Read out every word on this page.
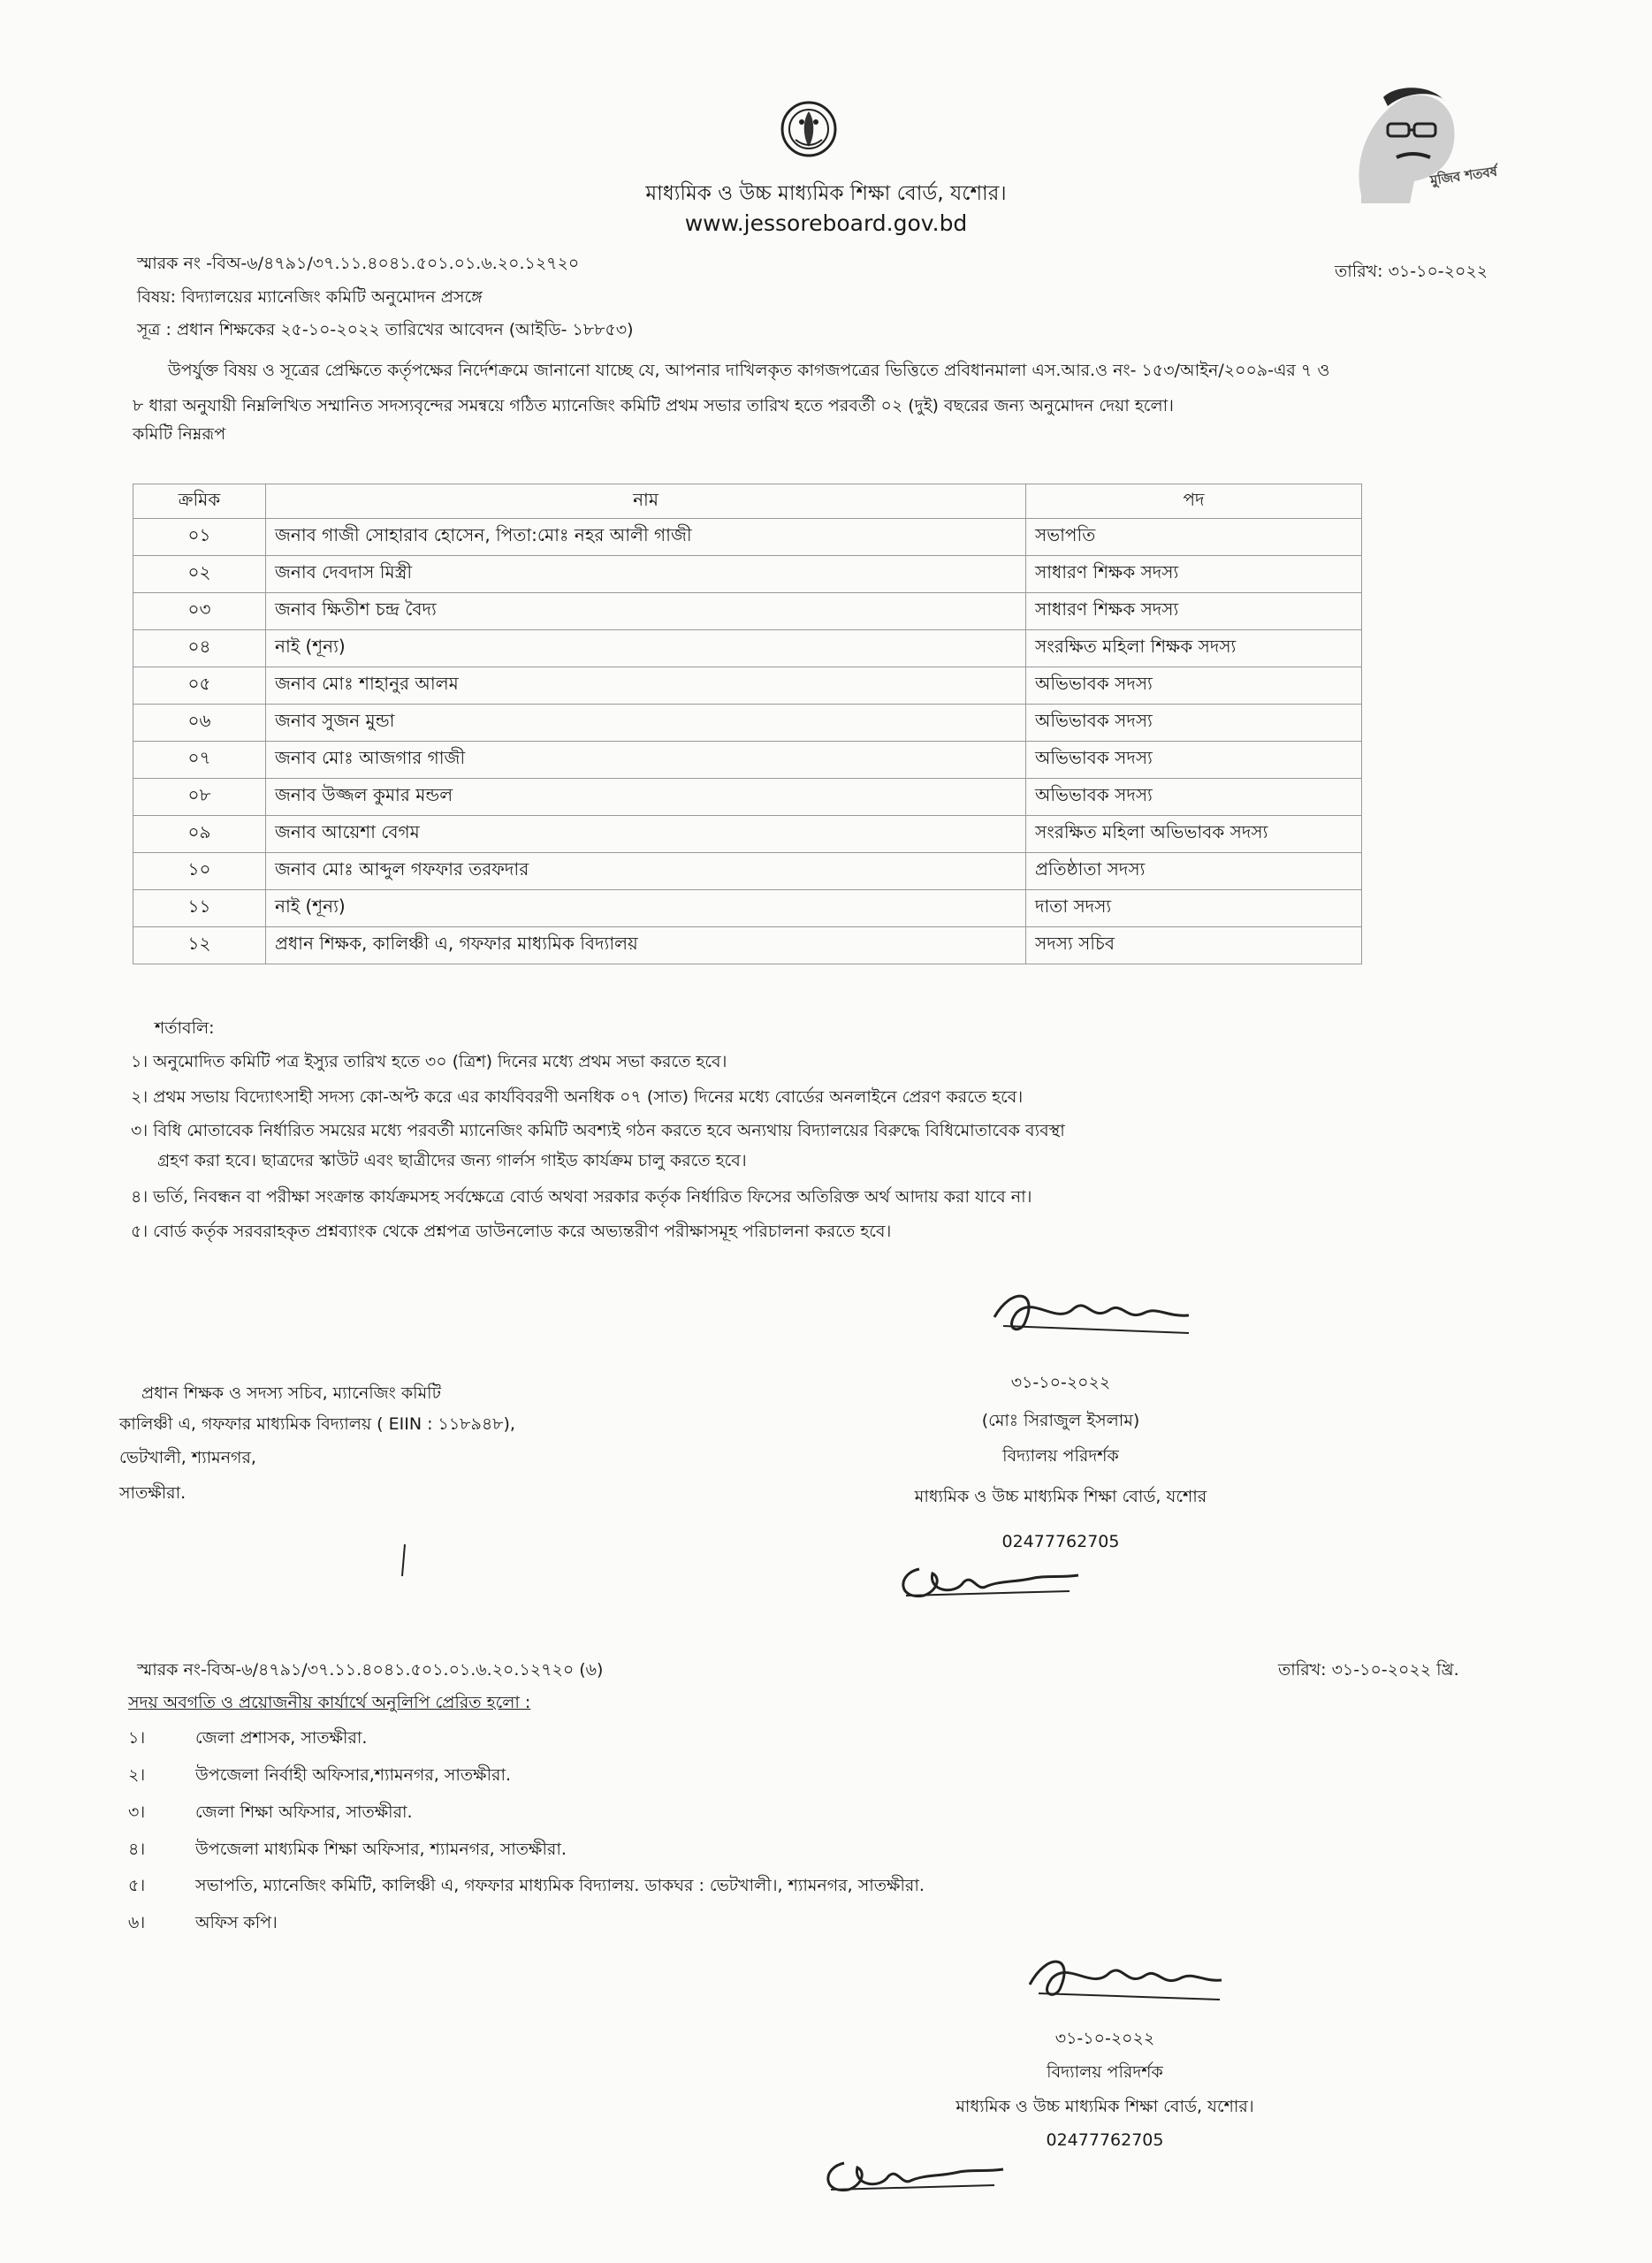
মুজিব শতবর্ষ
মাধ্যমিক ও উচ্চ মাধ্যমিক শিক্ষা বোর্ড, যশোর।
www.jessoreboard.gov.bd
স্মারক নং -বিঅ-৬/৪৭৯১/৩৭.১১.৪০৪১.৫০১.০১.৬.২০.১২৭২০	তারিখ: ৩১-১০-২০২২
বিষয়: বিদ্যালয়ের ম্যানেজিং কমিটি অনুমোদন প্রসঙ্গে
সূত্র : প্রধান শিক্ষকের ২৫-১০-২০২২ তারিখের আবেদন (আইডি- ১৮৮৫৩)
উপর্যুক্ত বিষয় ও সূত্রের প্রেক্ষিতে কর্তৃপক্ষের নির্দেশক্রমে জানানো যাচ্ছে যে, আপনার দাখিলকৃত কাগজপত্রের ভিত্তিতে প্রবিধানমালা এস.আর.ও নং- ১৫৩/আইন/২০০৯-এর ৭ ও
৮ ধারা অনুযায়ী নিম্নলিখিত সম্মানিত সদস্যবৃন্দের সমন্বয়ে গঠিত ম্যানেজিং কমিটি প্রথম সভার তারিখ হতে পরবর্তী ০২ (দুই) বছরের জন্য অনুমোদন দেয়া হলো।
কমিটি নিম্নরূপ
ক্রমিক	নাম	পদ
০১	জনাব গাজী সোহারাব হোসেন, পিতা:মোঃ নহর আলী গাজী	সভাপতি
০২	জনাব দেবদাস মিস্ত্রী	সাধারণ শিক্ষক সদস্য
০৩	জনাব ক্ষিতীশ চন্দ্র বৈদ্য	সাধারণ শিক্ষক সদস্য
০৪	নাই (শূন্য)	সংরক্ষিত মহিলা শিক্ষক সদস্য
০৫	জনাব মোঃ শাহানুর আলম	অভিভাবক সদস্য
০৬	জনাব সুজন মুন্ডা	অভিভাবক সদস্য
০৭	জনাব মোঃ আজগার গাজী	অভিভাবক সদস্য
০৮	জনাব উজ্জল কুমার মন্ডল	অভিভাবক সদস্য
০৯	জনাব আয়েশা বেগম	সংরক্ষিত মহিলা অভিভাবক সদস্য
১০	জনাব মোঃ আব্দুল গফফার তরফদার	প্রতিষ্ঠাতা সদস্য
১১	নাই (শূন্য)	দাতা সদস্য
১২	প্রধান শিক্ষক, কালিঞ্চী এ, গফফার মাধ্যমিক বিদ্যালয়	সদস্য সচিব
শর্তাবলি:
১। অনুমোদিত কমিটি পত্র ইস্যুর তারিখ হতে ৩০ (ত্রিশ) দিনের মধ্যে প্রথম সভা করতে হবে।
২। প্রথম সভায় বিদ্যোৎসাহী সদস্য কো-অপ্ট করে এর কার্যবিবরণী অনধিক ০৭ (সাত) দিনের মধ্যে বোর্ডের অনলাইনে প্রেরণ করতে হবে।
৩। বিধি মোতাবেক নির্ধারিত সময়ের মধ্যে পরবর্তী ম্যানেজিং কমিটি অবশ্যই গঠন করতে হবে অন্যথায় বিদ্যালয়ের বিরুদ্ধে বিধিমোতাবেক ব্যবস্থা
গ্রহণ করা হবে। ছাত্রদের স্কাউট এবং ছাত্রীদের জন্য গার্লস গাইড কার্যক্রম চালু করতে হবে।
৪। ভর্তি, নিবন্ধন বা পরীক্ষা সংক্রান্ত কার্যক্রমসহ সর্বক্ষেত্রে বোর্ড অথবা সরকার কর্তৃক নির্ধারিত ফিসের অতিরিক্ত অর্থ আদায় করা যাবে না।
৫। বোর্ড কর্তৃক সরবরাহকৃত প্রশ্নব্যাংক থেকে প্রশ্নপত্র ডাউনলোড করে অভ্যন্তরীণ পরীক্ষাসমূহ পরিচালনা করতে হবে।
প্রধান শিক্ষক ও সদস্য সচিব, ম্যানেজিং কমিটি
কালিঞ্চী এ, গফফার মাধ্যমিক বিদ্যালয় ( EIIN : ১১৮৯৪৮),
ভেটখালী, শ্যামনগর,
সাতক্ষীরা.
৩১-১০-২০২২
(মোঃ সিরাজুল ইসলাম)
বিদ্যালয় পরিদর্শক
মাধ্যমিক ও উচ্চ মাধ্যমিক শিক্ষা বোর্ড, যশোর
02477762705
স্মারক নং-বিঅ-৬/৪৭৯১/৩৭.১১.৪০৪১.৫০১.০১.৬.২০.১২৭২০ (৬)	তারিখ: ৩১-১০-২০২২ খ্রি.
সদয় অবগতি ও প্রয়োজনীয় কার্যার্থে অনুলিপি প্রেরিত হলো :
১।	জেলা প্রশাসক, সাতক্ষীরা.
২।	উপজেলা নির্বাহী অফিসার,শ্যামনগর, সাতক্ষীরা.
৩।	জেলা শিক্ষা অফিসার, সাতক্ষীরা.
৪।	উপজেলা মাধ্যমিক শিক্ষা অফিসার, শ্যামনগর, সাতক্ষীরা.
৫।	সভাপতি, ম্যানেজিং কমিটি, কালিঞ্চী এ, গফফার মাধ্যমিক বিদ্যালয়. ডাকঘর : ভেটখালী।, শ্যামনগর, সাতক্ষীরা.
৬।	অফিস কপি।
৩১-১০-২০২২
বিদ্যালয় পরিদর্শক
মাধ্যমিক ও উচ্চ মাধ্যমিক শিক্ষা বোর্ড, যশোর।
02477762705
